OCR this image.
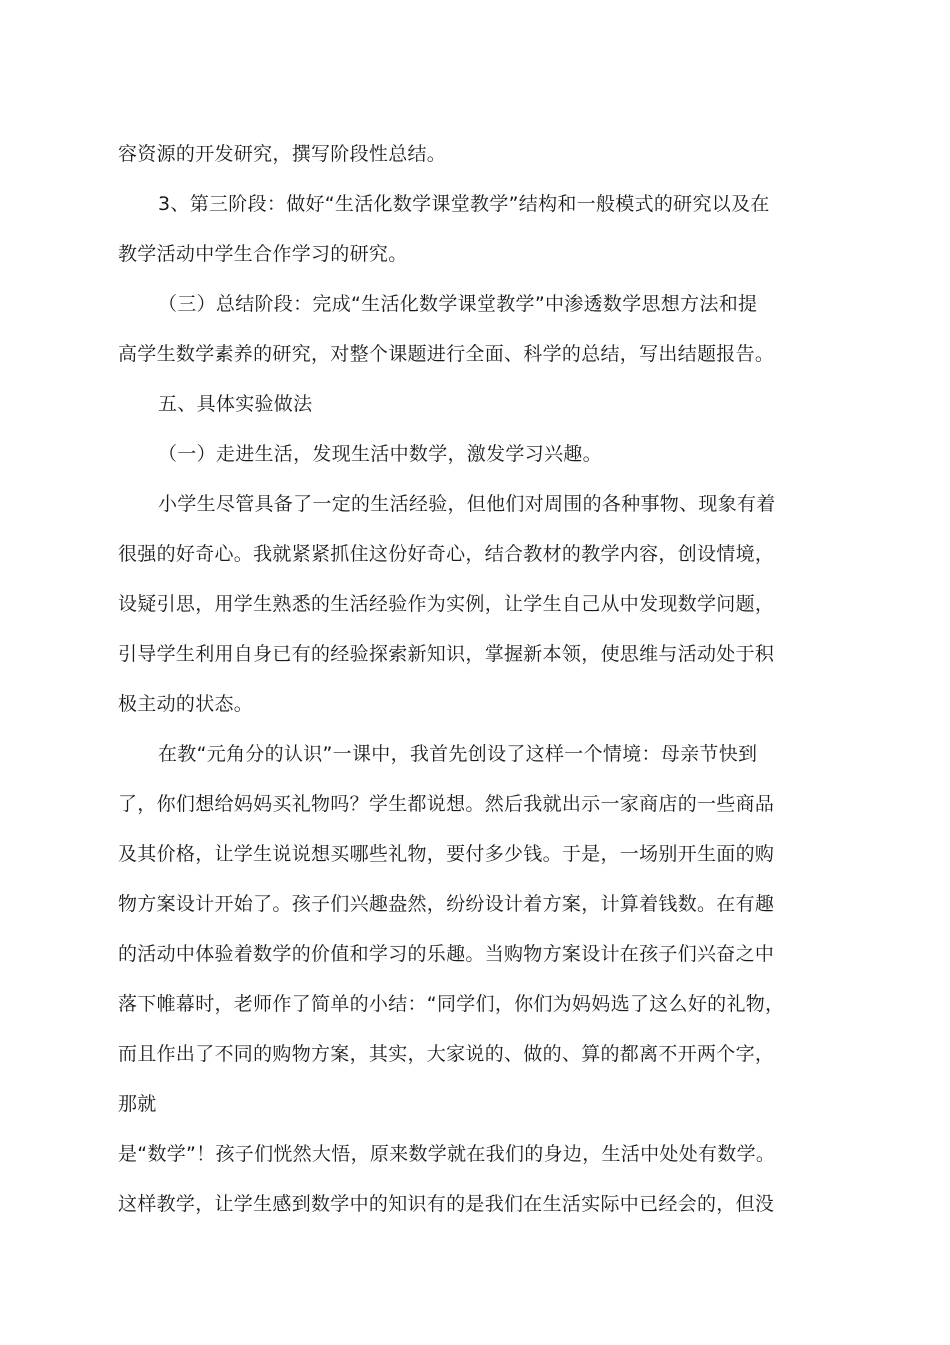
容资源的开发研究，撰写阶段性总结。
3、第三阶段：做好“生活化数学课堂教学”结构和一般模式的研究以及在
教学活动中学生合作学习的研究。
（三）总结阶段：完成“生活化数学课堂教学”中渗透数学思想方法和提
高学生数学素养的研究，对整个课题进行全面、科学的总结，写出结题报告。
五、具体实验做法
（一）走进生活，发现生活中数学，激发学习兴趣。
小学生尽管具备了一定的生活经验，但他们对周围的各种事物、现象有着
很强的好奇心。我就紧紧抓住这份好奇心，结合教材的教学内容，创设情境，
设疑引思，用学生熟悉的生活经验作为实例，让学生自己从中发现数学问题，
引导学生利用自身已有的经验探索新知识，掌握新本领，使思维与活动处于积
极主动的状态。
在教“元角分的认识”一课中，我首先创设了这样一个情境：母亲节快到
了，你们想给妈妈买礼物吗？学生都说想。然后我就出示一家商店的一些商品
及其价格，让学生说说想买哪些礼物，要付多少钱。于是，一场别开生面的购
物方案设计开始了。孩子们兴趣盎然，纷纷设计着方案，计算着钱数。在有趣
的活动中体验着数学的价值和学习的乐趣。当购物方案设计在孩子们兴奋之中
落下帷幕时，老师作了简单的小结：“同学们，你们为妈妈选了这么好的礼物，
而且作出了不同的购物方案，其实，大家说的、做的、算的都离不开两个字，
那就
是“数学”！孩子们恍然大悟，原来数学就在我们的身边，生活中处处有数学。
这样教学，让学生感到数学中的知识有的是我们在生活实际中已经会的，但没
